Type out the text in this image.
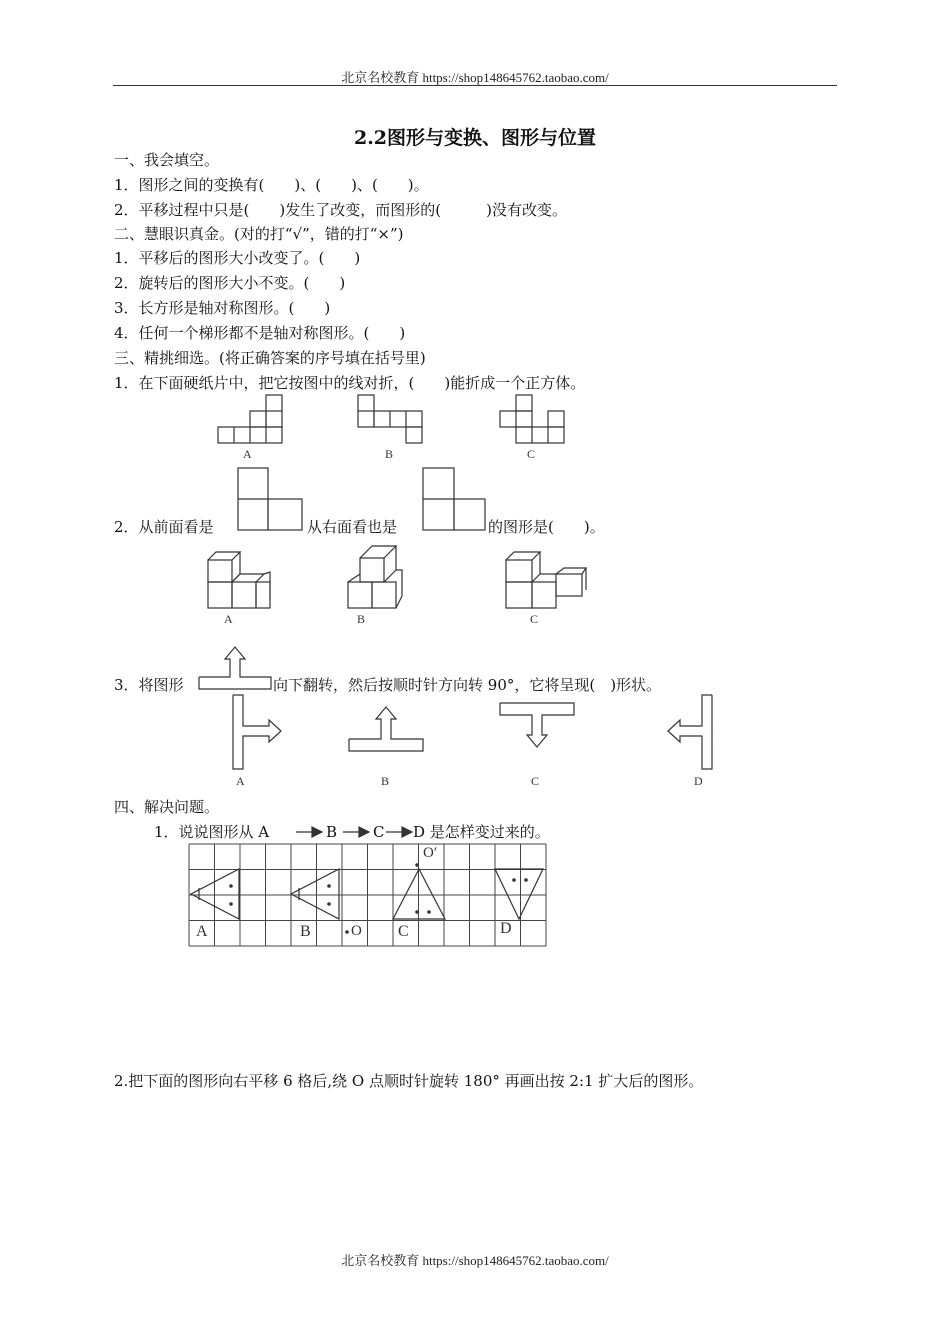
北京名校教育 https://shop148645762.taobao.com/
2.2图形与变换、图形与位置
一、我会填空。
1．图形之间的变换有(　　)、(　　)、(　　)。
2．平移过程中只是(　　)发生了改变，而图形的(　　　)没有改变。
二、慧眼识真金。(对的打“√”，错的打“×”)
1．平移后的图形大小改变了。(　　)
2．旋转后的图形大小不变。(　　)
3．长方形是轴对称图形。(　　)
4．任何一个梯形都不是轴对称图形。(　　)
三、精挑细选。(将正确答案的序号填在括号里)
1．在下面硬纸片中，把它按图中的线对折，(　　)能折成一个正方体。
A	B	C
2．从前面看是	从右面看也是	的图形是(　　)。
A	B	C
3．将图形	向下翻转，然后按顺时针方向转 90°，它将呈现(　)形状。
A	B	C	D
四、解决问题。
1．说说图形从 A	B C D 是怎样变过来的。
A	B	O C	D
O′
2.把下面的图形向右平移 6 格后,绕 O 点顺时针旋转 180° 再画出按 2:1 扩大后的图形。
北京名校教育 https://shop148645762.taobao.com/
